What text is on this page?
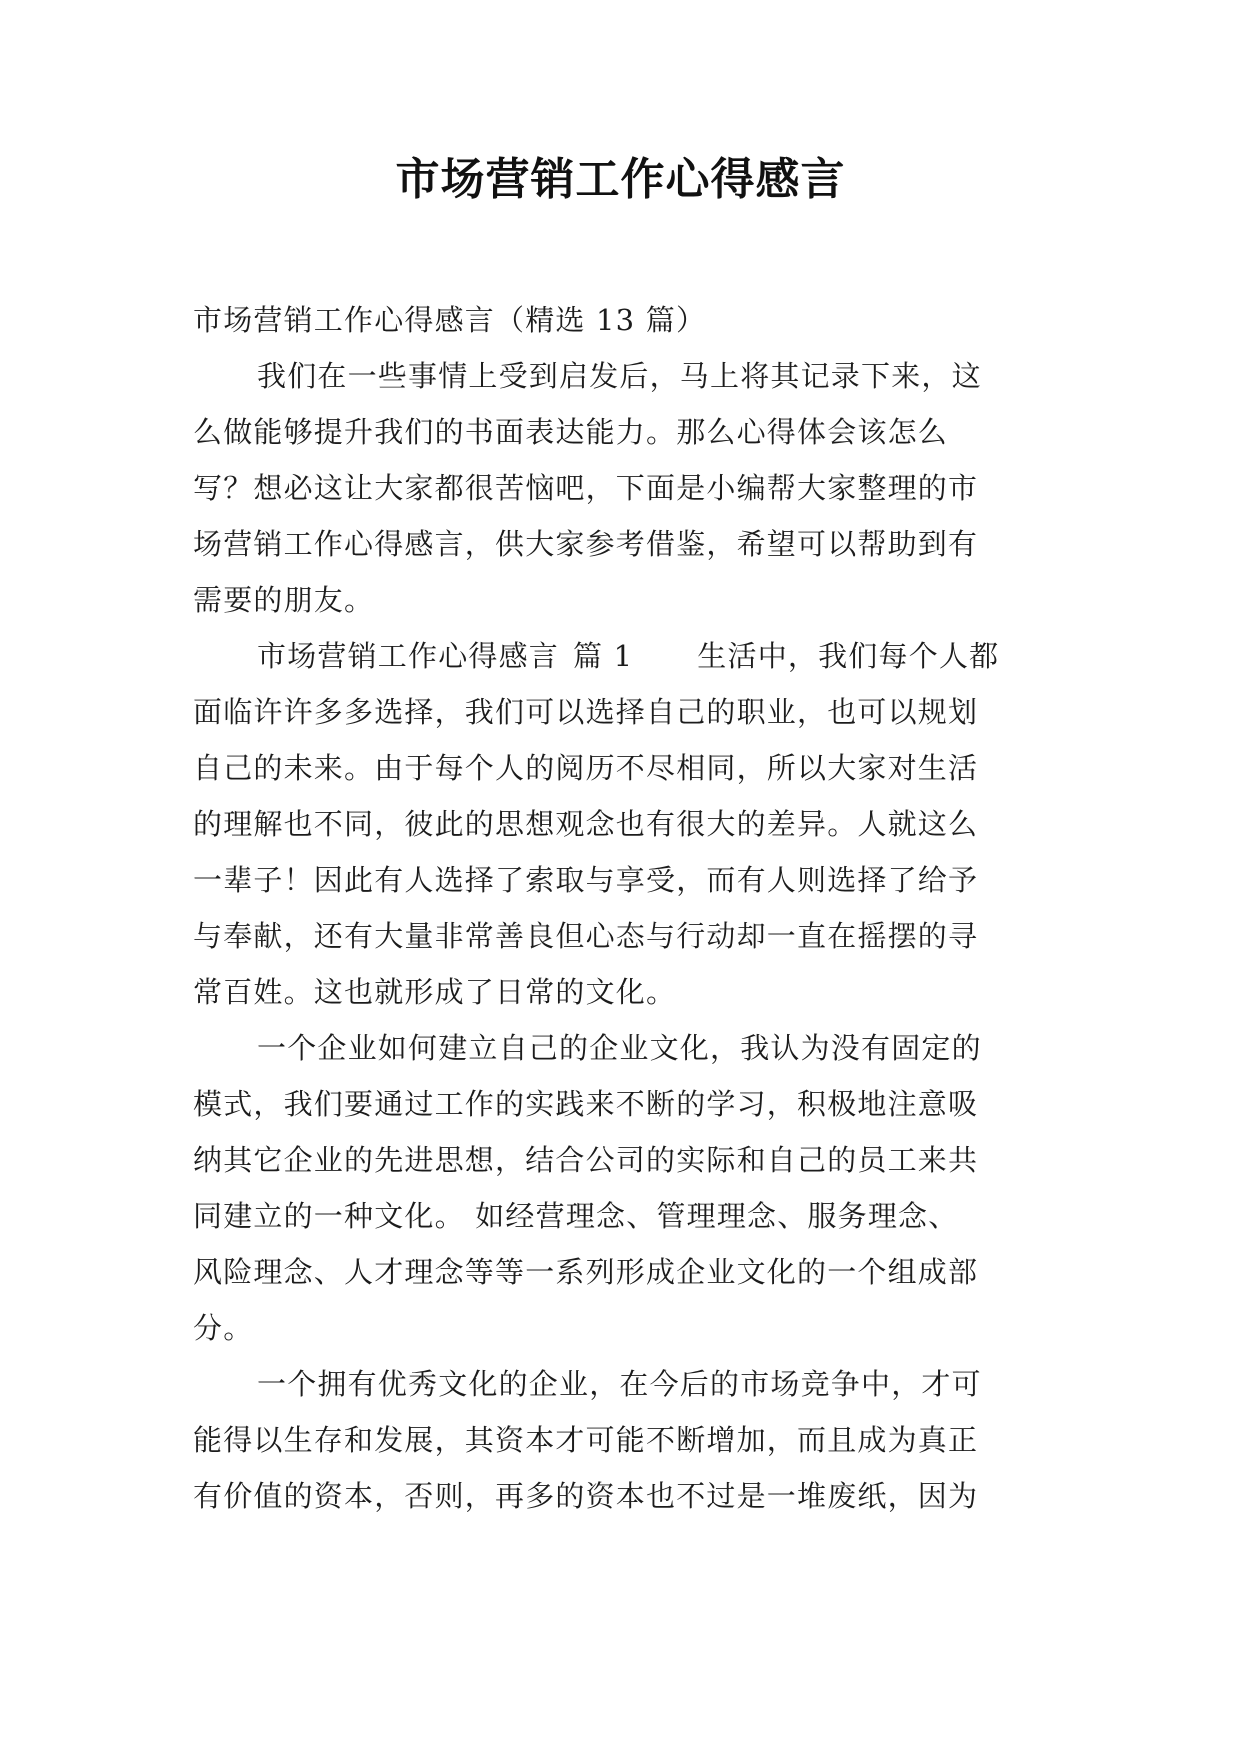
市场营销工作心得感言
市场营销工作心得感言（精选 13 篇）
我们在一些事情上受到启发后，马上将其记录下来，这
么做能够提升我们的书面表达能力。那么心得体会该怎么
写？想必这让大家都很苦恼吧，下面是小编帮大家整理的市
场营销工作心得感言，供大家参考借鉴，希望可以帮助到有
需要的朋友。
市场营销工作心得感言 篇 1 生活中，我们每个人都
面临许许多多选择，我们可以选择自己的职业，也可以规划
自己的未来。由于每个人的阅历不尽相同，所以大家对生活
的理解也不同，彼此的思想观念也有很大的差异。人就这么
一辈子！因此有人选择了索取与享受，而有人则选择了给予
与奉献，还有大量非常善良但心态与行动却一直在摇摆的寻
常百姓。这也就形成了日常的文化。
一个企业如何建立自己的企业文化，我认为没有固定的
模式，我们要通过工作的实践来不断的学习，积极地注意吸
纳其它企业的先进思想，结合公司的实际和自己的员工来共
同建立的一种文化。 如经营理念、管理理念、服务理念、
风险理念、人才理念等等一系列形成企业文化的一个组成部
分。
一个拥有优秀文化的企业，在今后的市场竞争中，才可
能得以生存和发展，其资本才可能不断增加，而且成为真正
有价值的资本，否则，再多的资本也不过是一堆废纸，因为
